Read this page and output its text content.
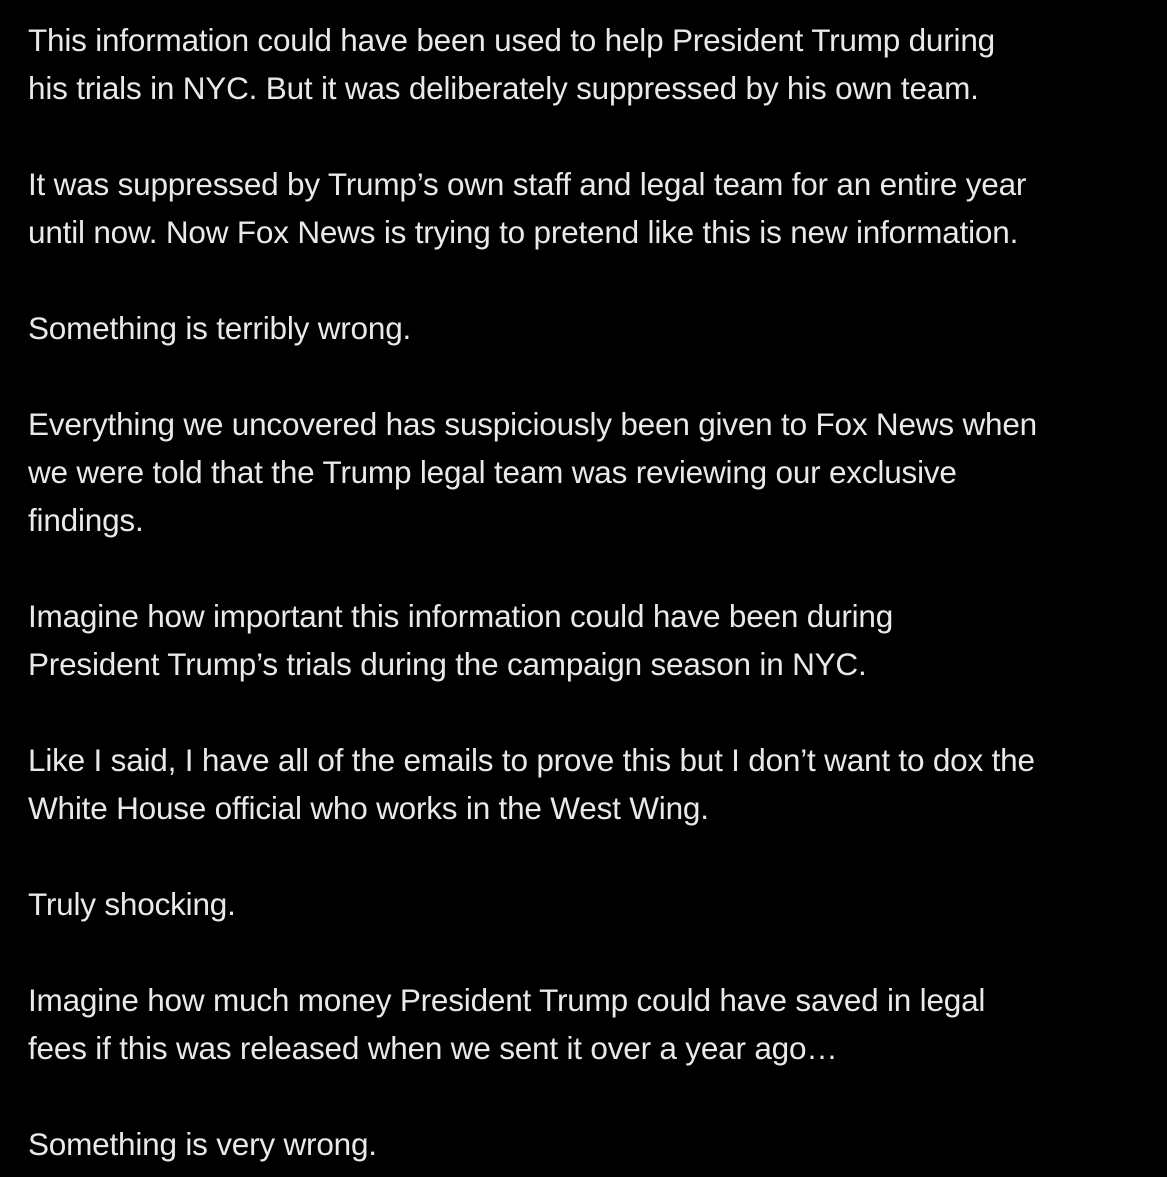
This information could have been used to help President Trump during
his trials in NYC. But it was deliberately suppressed by his own team.

It was suppressed by Trump’s own staff and legal team for an entire year
until now. Now Fox News is trying to pretend like this is new information.

Something is terribly wrong.

Everything we uncovered has suspiciously been given to Fox News when
we were told that the Trump legal team was reviewing our exclusive
findings.

Imagine how important this information could have been during
President Trump’s trials during the campaign season in NYC.

Like I said, I have all of the emails to prove this but I don’t want to dox the
White House official who works in the West Wing.

Truly shocking.

Imagine how much money President Trump could have saved in legal
fees if this was released when we sent it over a year ago…

Something is very wrong.
